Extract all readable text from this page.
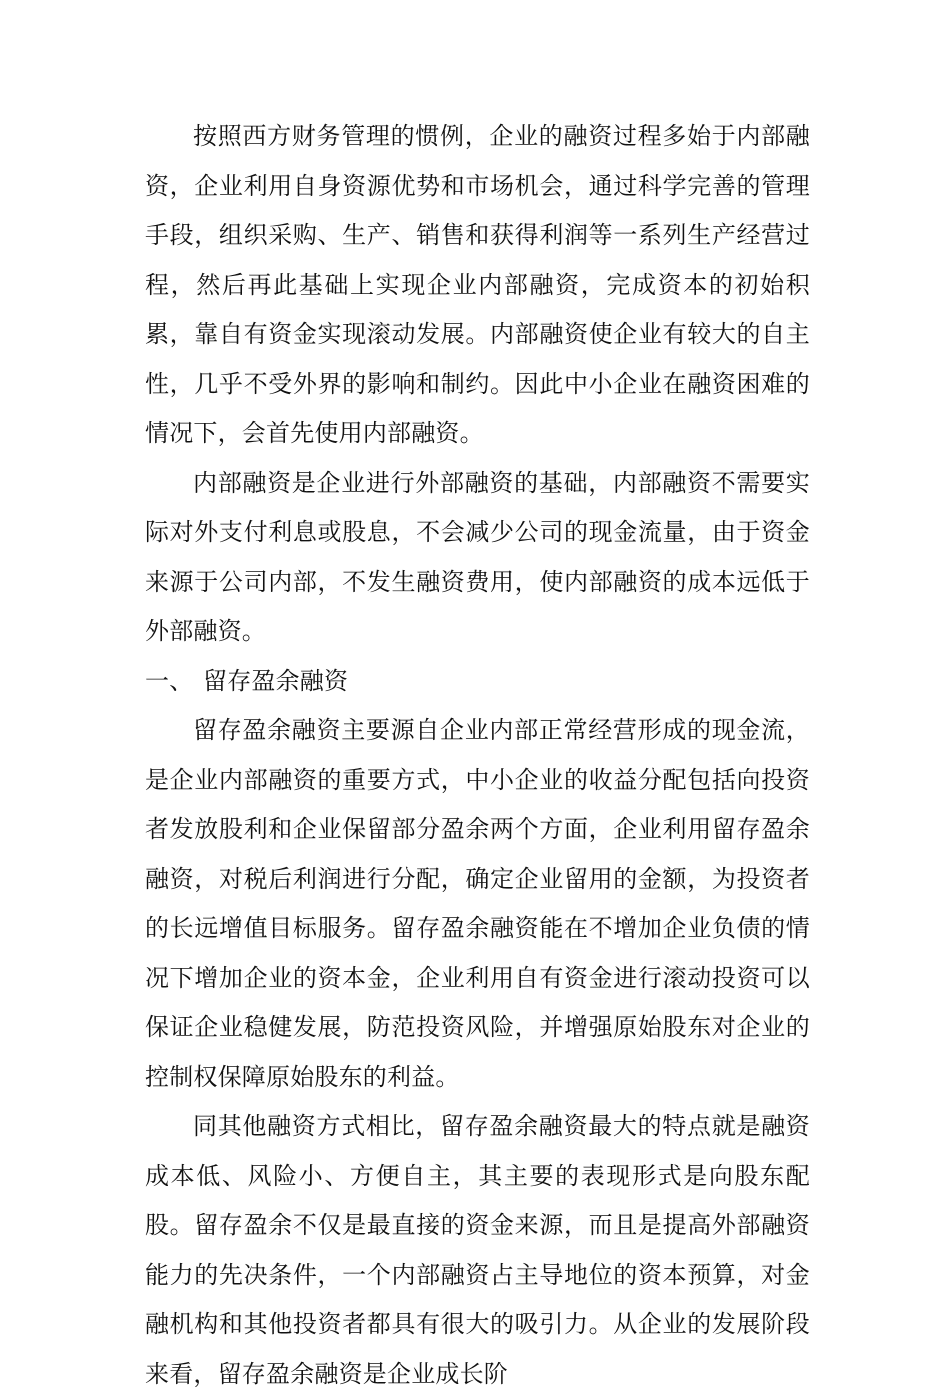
按照西方财务管理的惯例，企业的融资过程多始于内部融资，企业利用自身资源优势和市场机会，通过科学完善的管理手段，组织采购、生产、销售和获得利润等一系列生产经营过程，然后再此基础上实现企业内部融资，完成资本的初始积累，靠自有资金实现滚动发展。内部融资使企业有较大的自主性，几乎不受外界的影响和制约。因此中小企业在融资困难的情况下，会首先使用内部融资。

内部融资是企业进行外部融资的基础，内部融资不需要实际对外支付利息或股息，不会减少公司的现金流量，由于资金来源于公司内部，不发生融资费用，使内部融资的成本远低于外部融资。

一、 留存盈余融资

留存盈余融资主要源自企业内部正常经营形成的现金流，是企业内部融资的重要方式，中小企业的收益分配包括向投资者发放股利和企业保留部分盈余两个方面，企业利用留存盈余融资，对税后利润进行分配，确定企业留用的金额，为投资者的长远增值目标服务。留存盈余融资能在不增加企业负债的情况下增加企业的资本金，企业利用自有资金进行滚动投资可以保证企业稳健发展，防范投资风险，并增强原始股东对企业的控制权保障原始股东的利益。

同其他融资方式相比，留存盈余融资最大的特点就是融资成本低、风险小、方便自主，其主要的表现形式是向股东配股。留存盈余不仅是最直接的资金来源，而且是提高外部融资能力的先决条件，一个内部融资占主导地位的资本预算，对金融机构和其他投资者都具有很大的吸引力。从企业的发展阶段来看，留存盈余融资是企业成长阶
